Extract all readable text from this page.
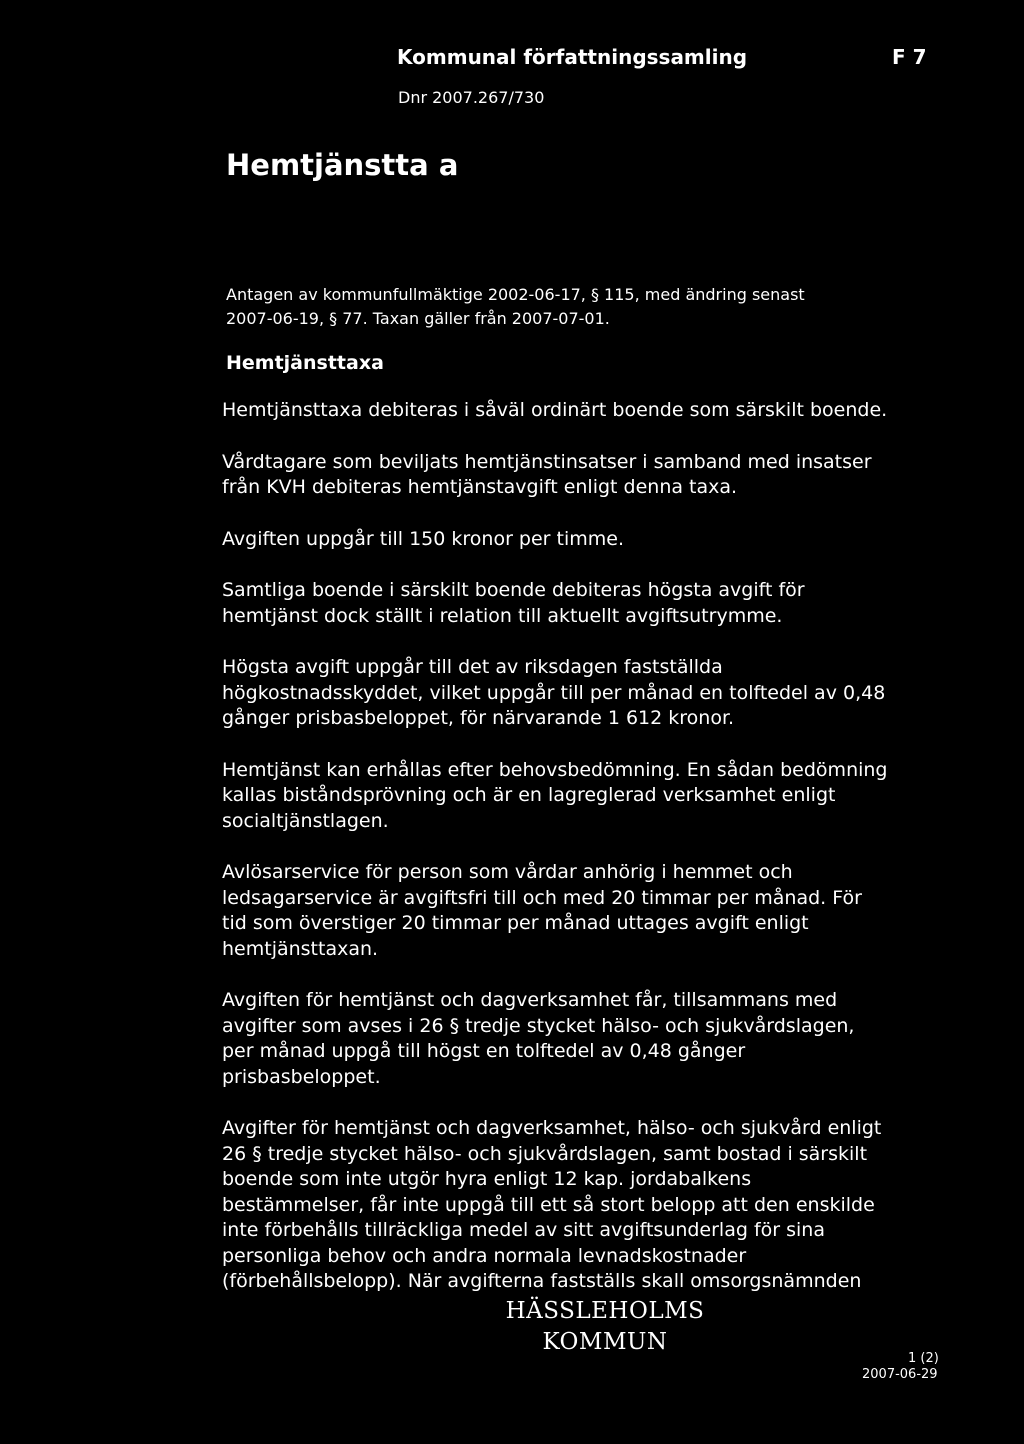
Kommunal författningssamling	F 7
Dnr 2007.267/730
Hemtjänstta a
Antagen av kommunfullmäktige 2002-06-17, § 115, med ändring senast
2007-06-19, § 77. Taxan gäller från 2007-07-01.
Hemtjänsttaxa

Hemtjänsttaxa debiteras i såväl ordinärt boende som särskilt boende.

Vårdtagare som beviljats hemtjänstinsatser i samband med insatser
från KVH debiteras hemtjänstavgift enligt denna taxa.

Avgiften uppgår till 150 kronor per timme.

Samtliga boende i särskilt boende debiteras högsta avgift för
hemtjänst dock ställt i relation till aktuellt avgiftsutrymme.

Högsta avgift uppgår till det av riksdagen fastställda
högkostnadsskyddet, vilket uppgår till per månad en tolftedel av 0,48
gånger prisbasbeloppet, för närvarande 1 612 kronor.

Hemtjänst kan erhållas efter behovsbedömning. En sådan bedömning
kallas biståndsprövning och är en lagreglerad verksamhet enligt
socialtjänstlagen.

Avlösarservice för person som vårdar anhörig i hemmet och
ledsagarservice är avgiftsfri till och med 20 timmar per månad. För
tid som överstiger 20 timmar per månad uttages avgift enligt
hemtjänsttaxan.

Avgiften för hemtjänst och dagverksamhet får, tillsammans med
avgifter som avses i 26 § tredje stycket hälso- och sjukvårdslagen,
per månad uppgå till högst en tolftedel av 0,48 gånger
prisbasbeloppet.

Avgifter för hemtjänst och dagverksamhet, hälso- och sjukvård enligt
26 § tredje stycket hälso- och sjukvårdslagen, samt bostad i särskilt
boende som inte utgör hyra enligt 12 kap. jordabalkens
bestämmelser, får inte uppgå till ett så stort belopp att den enskilde
inte förbehålls tillräckliga medel av sitt avgiftsunderlag för sina
personliga behov och andra normala levnadskostnader
(förbehållsbelopp). När avgifterna fastställs skall omsorgsnämnden

HÄSSLEHOLMS
KOMMUN
1 (2)
2007-06-29
